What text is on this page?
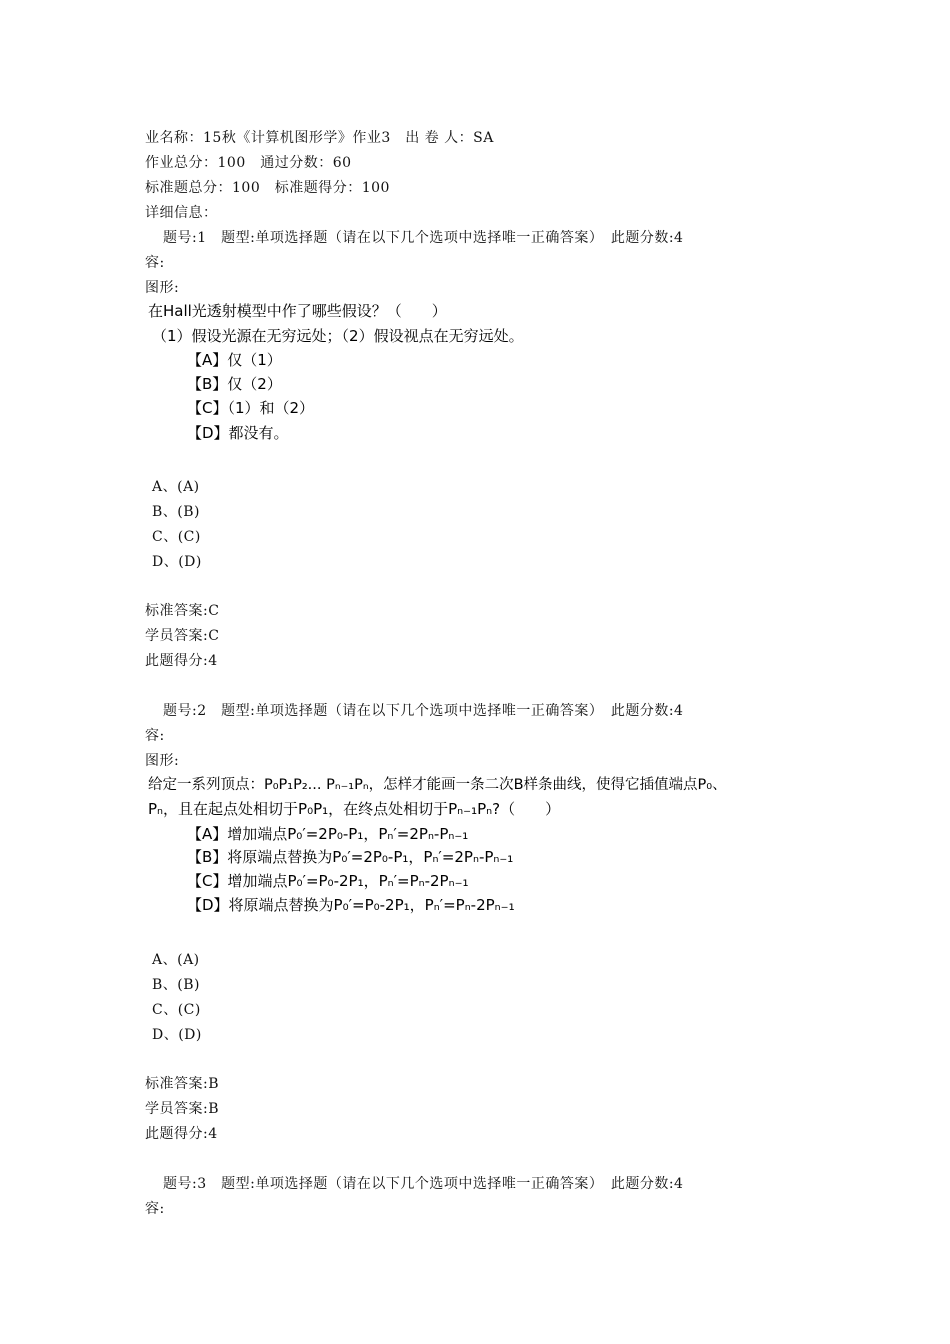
业名称：15秋《计算机图形学》作业3　出 卷 人：SA
作业总分：100　通过分数：60
标准题总分：100　标准题得分：100
详细信息：
题号:1　题型:单项选择题（请在以下几个选项中选择唯一正确答案）　此题分数:4
容:
图形:
在Hall光透射模型中作了哪些假设？（　　）
（1）假设光源在无穷远处；（2）假设视点在无穷远处。
【A】仅（1）
【B】仅（2）
【C】（1）和（2）
【D】都没有。
A、(A)
B、(B)
C、(C)
D、(D)
标准答案:C
学员答案:C
此题得分:4
题号:2　题型:单项选择题（请在以下几个选项中选择唯一正确答案）　此题分数:4
容:
图形:
给定一系列顶点：P₀P₁P₂... Pₙ₋₁Pₙ，怎样才能画一条二次B样条曲线，使得它插值端点P₀、
Pₙ，且在起点处相切于P₀P₁，在终点处相切于Pₙ₋₁Pₙ?（　　）
【A】增加端点P₀′=2P₀-P₁，Pₙ′=2Pₙ-Pₙ₋₁
【B】将原端点替换为P₀′=2P₀-P₁，Pₙ′=2Pₙ-Pₙ₋₁
【C】增加端点P₀′=P₀-2P₁，Pₙ′=Pₙ-2Pₙ₋₁
【D】将原端点替换为P₀′=P₀-2P₁，Pₙ′=Pₙ-2Pₙ₋₁
A、(A)
B、(B)
C、(C)
D、(D)
标准答案:B
学员答案:B
此题得分:4
题号:3　题型:单项选择题（请在以下几个选项中选择唯一正确答案）　此题分数:4
容:
